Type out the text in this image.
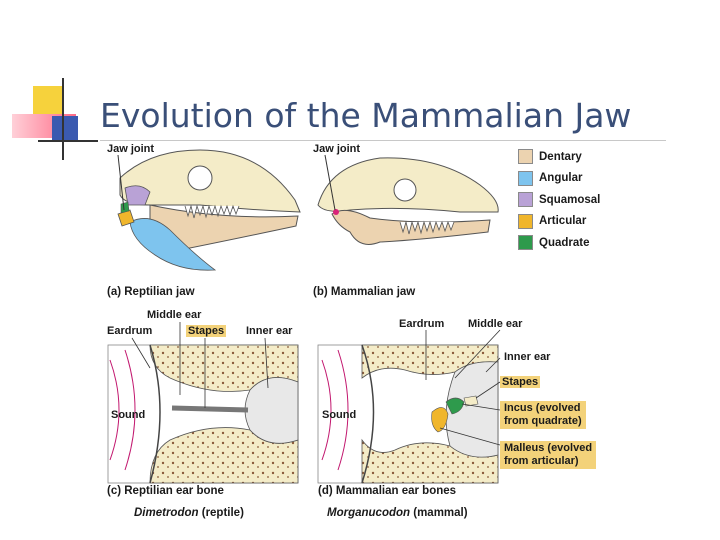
Evolution of the Mammalian Jaw
Jaw joint
(a) Reptilian jaw
Jaw joint
(b) Mammalian jaw
Dentary
Angular
Squamosal
Articular
Quadrate
Middle ear
Eardrum	Stapes Inner ear
Sound
(c) Reptilian ear bone
Dimetrodon (reptile)
Eardrum Middle ear
Inner ear
Stapes
Incus (evolved
from quadrate)
Malleus (evolved
from articular)
Sound
(d) Mammalian ear bones
Morganucodon (mammal)
